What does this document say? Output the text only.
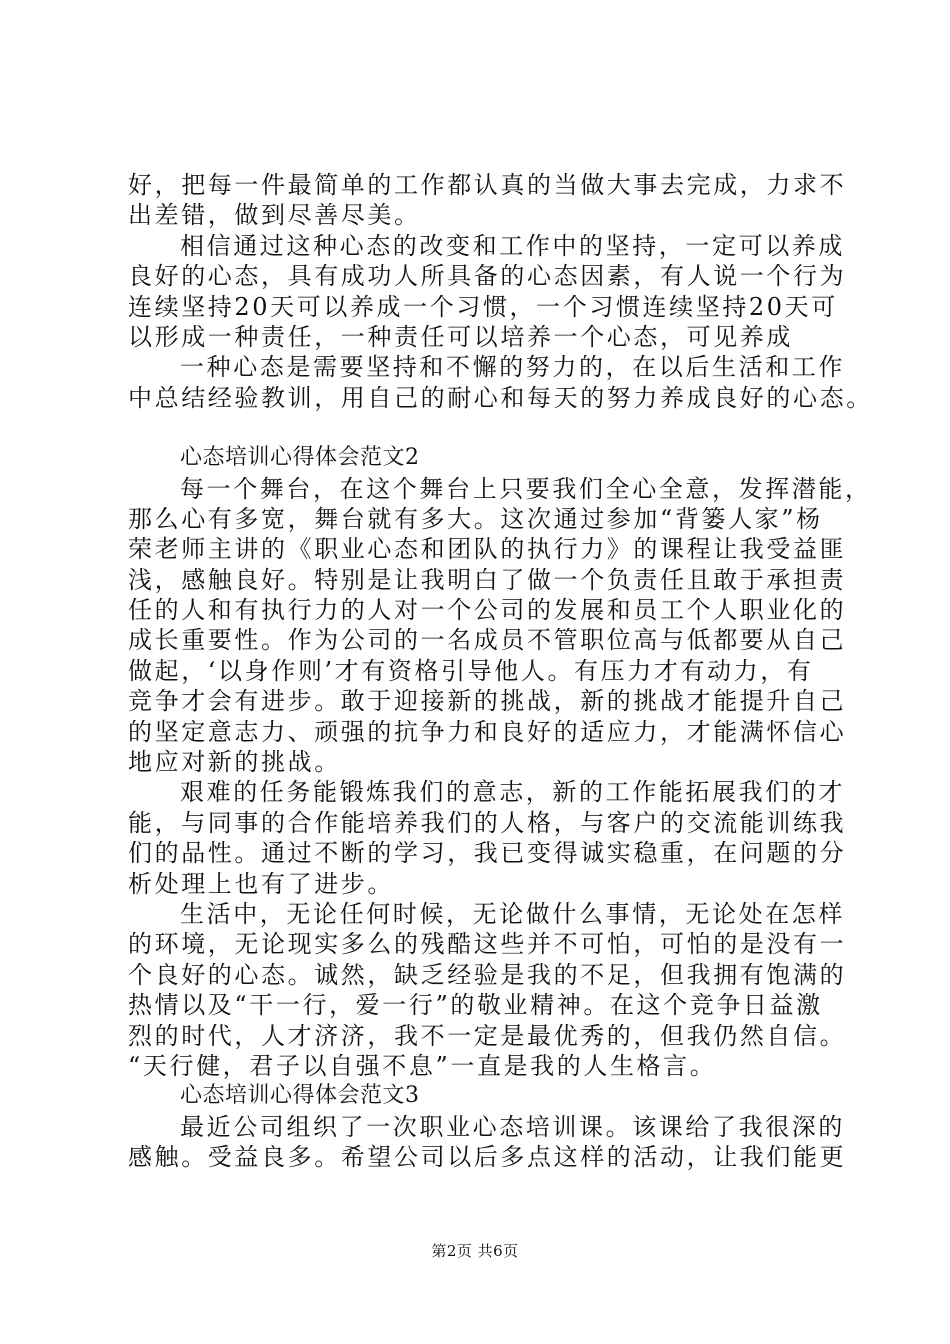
好，把每一件最简单的工作都认真的当做大事去完成，力求不
出差错，做到尽善尽美。
相信通过这种心态的改变和工作中的坚持，一定可以养成
良好的心态，具有成功人所具备的心态因素，有人说一个行为
连续坚持20天可以养成一个习惯，一个习惯连续坚持20天可
以形成一种责任，一种责任可以培养一个心态，可见养成
一种心态是需要坚持和不懈的努力的，在以后生活和工作
中总结经验教训，用自己的耐心和每天的努力养成良好的心态。
心态培训心得体会范文2
每一个舞台，在这个舞台上只要我们全心全意，发挥潜能，
那么心有多宽，舞台就有多大。这次通过参加“背篓人家”杨
荣老师主讲的《职业心态和团队的执行力》的课程让我受益匪
浅，感触良好。特别是让我明白了做一个负责任且敢于承担责
任的人和有执行力的人对一个公司的发展和员工个人职业化的
成长重要性。作为公司的一名成员不管职位高与低都要从自己
做起，‘以身作则’才有资格引导他人。有压力才有动力，有
竞争才会有进步。敢于迎接新的挑战，新的挑战才能提升自己
的坚定意志力、顽强的抗争力和良好的适应力，才能满怀信心
地应对新的挑战。
艰难的任务能锻炼我们的意志，新的工作能拓展我们的才
能，与同事的合作能培养我们的人格，与客户的交流能训练我
们的品性。通过不断的学习，我已变得诚实稳重，在问题的分
析处理上也有了进步。
生活中，无论任何时候，无论做什么事情，无论处在怎样
的环境，无论现实多么的残酷这些并不可怕，可怕的是没有一
个良好的心态。诚然，缺乏经验是我的不足，但我拥有饱满的
热情以及“干一行，爱一行”的敬业精神。在这个竞争日益激
烈的时代，人才济济，我不一定是最优秀的，但我仍然自信。
“天行健，君子以自强不息”一直是我的人生格言。
心态培训心得体会范文3
最近公司组织了一次职业心态培训课。该课给了我很深的
感触。受益良多。希望公司以后多点这样的活动，让我们能更
第2页 共6页
